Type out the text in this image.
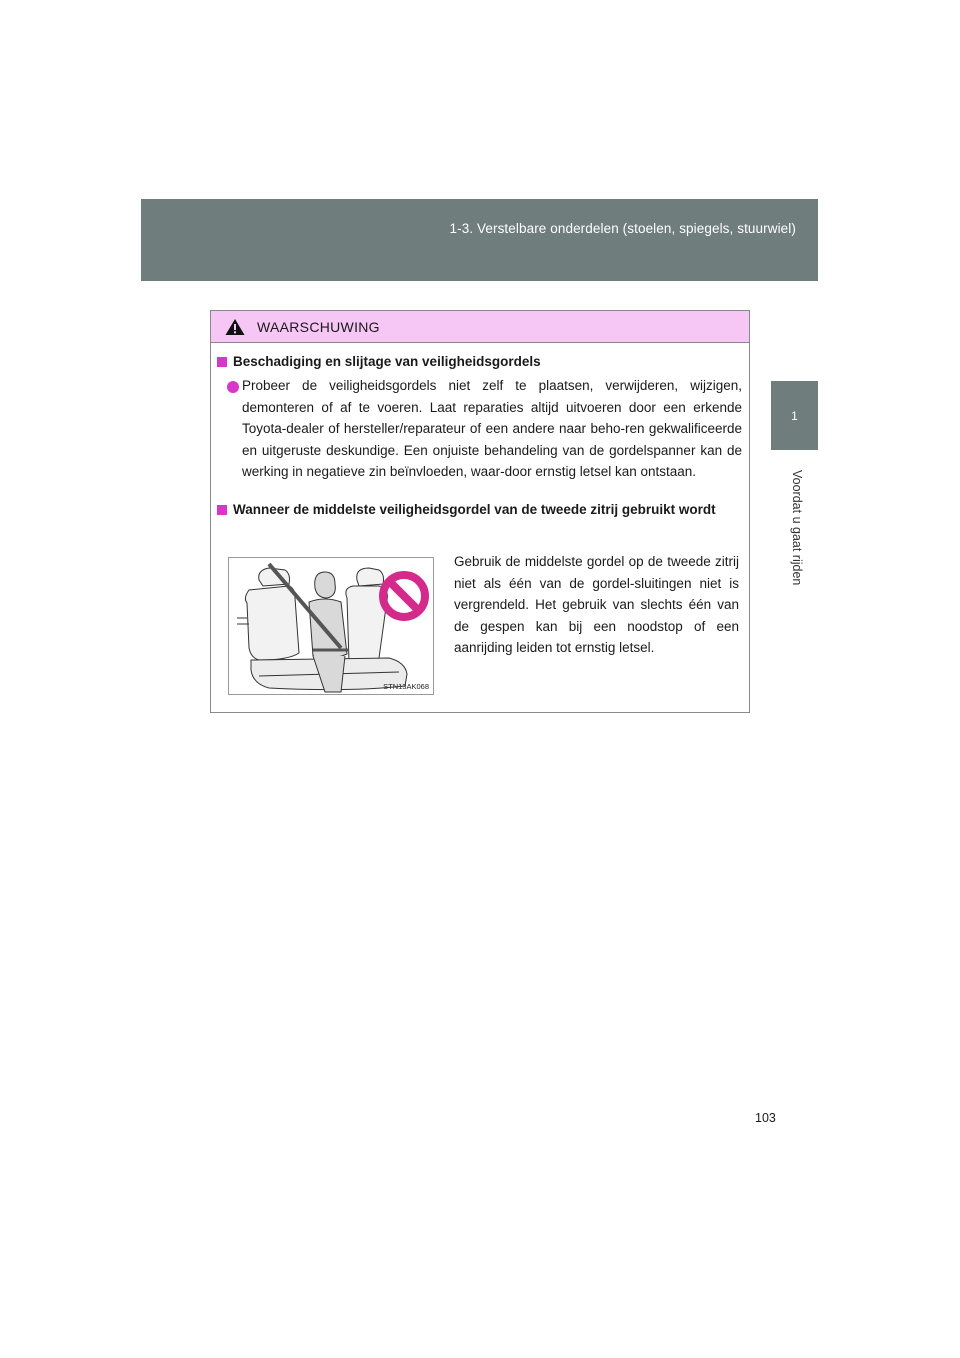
1-3. Verstelbare onderdelen (stoelen, spiegels, stuurwiel)
1
Voordat u gaat rijden
WAARSCHUWING
Beschadiging en slijtage van veiligheidsgordels
Probeer de veiligheidsgordels niet zelf te plaatsen, verwijderen, wijzigen, demonteren of af te voeren. Laat reparaties altijd uitvoeren door een erkende Toyota-dealer of hersteller/reparateur of een andere naar beho-ren gekwalificeerde en uitgeruste deskundige. Een onjuiste behandeling van de gordelspanner kan de werking in negatieve zin beïnvloeden, waar-door ernstig letsel kan ontstaan.
Wanneer de middelste veiligheidsgordel van de tweede zitrij gebruikt wordt
STN13AK068
Gebruik de middelste gordel op de tweede zitrij niet als één van de gordel-sluitingen niet is vergrendeld. Het gebruik van slechts één van de gespen kan bij een noodstop of een aanrijding leiden tot ernstig letsel.
103
